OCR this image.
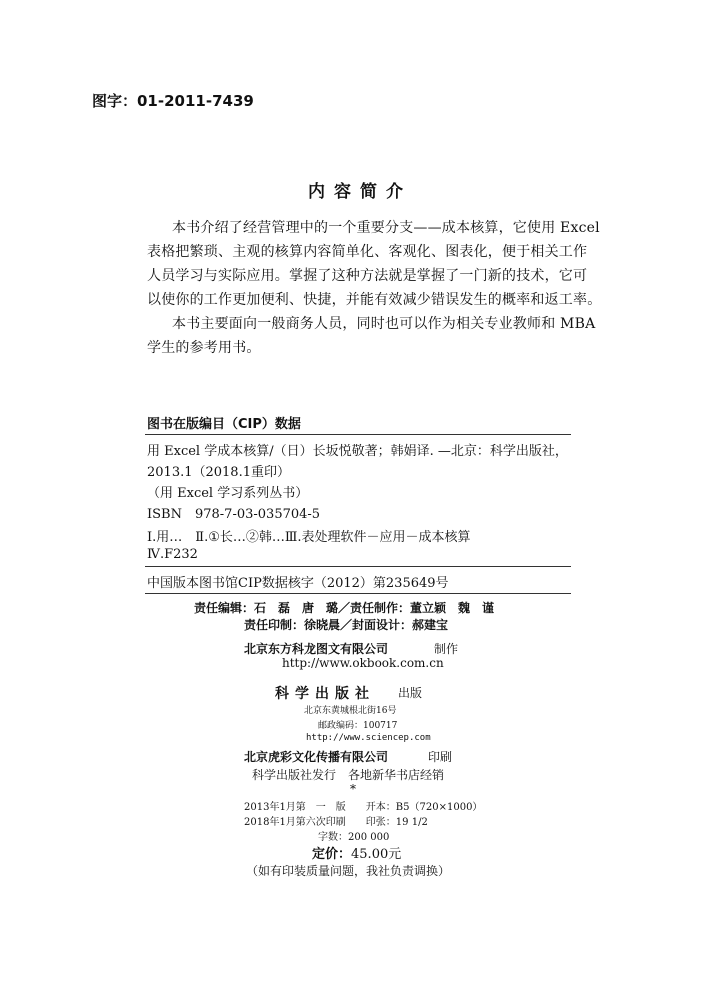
图字：01-2011-7439
内容简介
本书介绍了经营管理中的一个重要分支——成本核算，它使用 Excel
表格把繁琐、主观的核算内容简单化、客观化、图表化，便于相关工作
人员学习与实际应用。掌握了这种方法就是掌握了一门新的技术，它可
以使你的工作更加便利、快捷，并能有效减少错误发生的概率和返工率。
本书主要面向一般商务人员，同时也可以作为相关专业教师和 MBA
学生的参考用书。
图书在版编目（CIP）数据
用 Excel 学成本核算/（日）长坂悦敬著；韩娟译. —北京：科学出版社，
2013.1（2018.1重印）
（用 Excel 学习系列丛书）
ISBN　978-7-03-035704-5
Ⅰ.用…　Ⅱ.①长…②韩…Ⅲ.表处理软件－应用－成本核算
Ⅳ.F232
中国版本图书馆CIP数据核字（2012）第235649号
责任编辑：石　磊　唐　璐／责任制作：董立颖　魏　谨
责任印制：徐晓晨／封面设计：郝建宝
北京东方科龙图文有限公司	制作
http://www.okbook.com.cn
科学出版社 出版
北京东黄城根北街16号
邮政编码：100717
http://www.sciencep.com
北京虎彩文化传播有限公司	印刷
科学出版社发行　各地新华书店经销
*
2013年1月第　一　版　　开本：B5（720×1000）
2018年1月第六次印刷　　印张：19 1/2
字数：200 000
定价：45.00元
（如有印装质量问题，我社负责调换）
